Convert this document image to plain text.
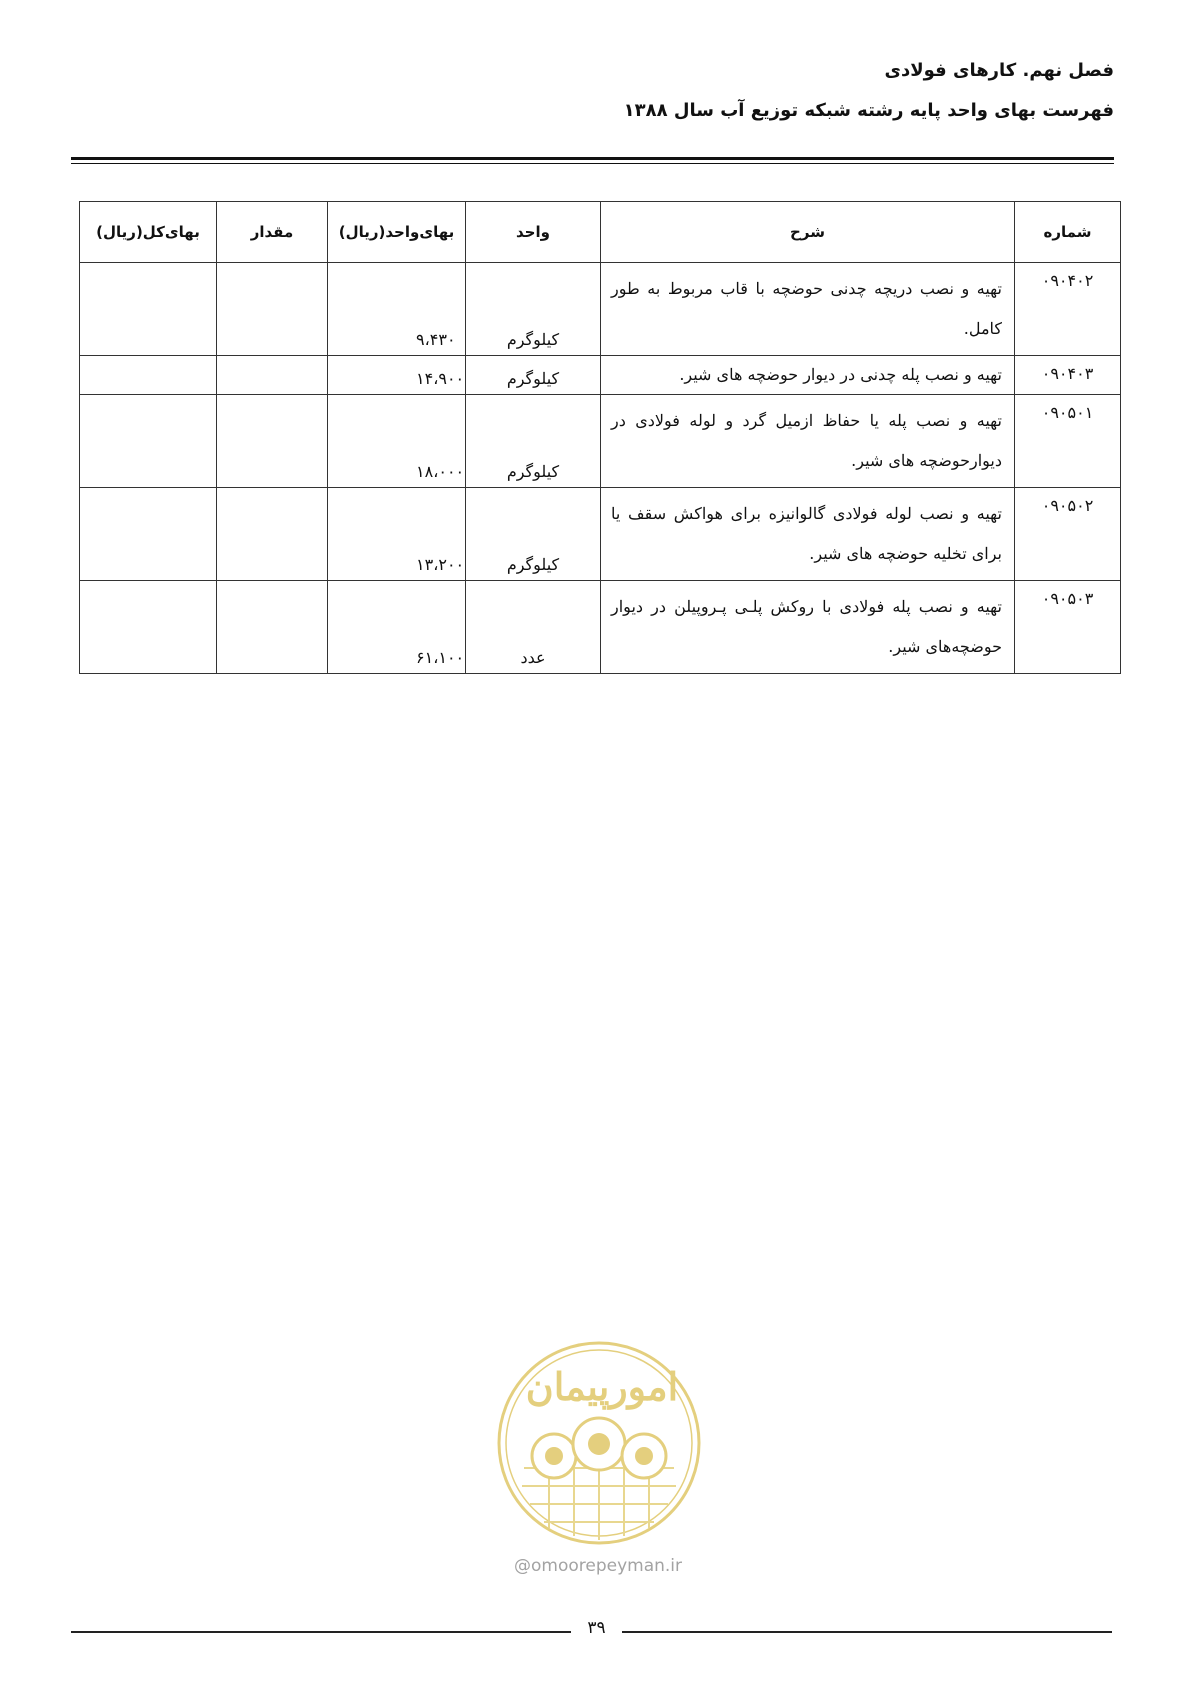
فصل نهم. کارهای فولادی
فهرست بهای واحد پایه رشته شبکه توزیع آب سال ۱۳۸۸
شماره	شرح	واحد	بهای‌واحد(ریال)	مقدار	بهای‌کل(ریال)
۰۹۰۴۰۲	تهیه و نصب دریچه چدنی حوضچه با قاب مربوط به طور کامل.	کیلوگرم	۹،۴۳۰		
۰۹۰۴۰۳	تهیه و نصب پله چدنی در دیوار حوضچه های شیر.	کیلوگرم	۱۴،۹۰۰		
۰۹۰۵۰۱	تهیه و نصب پله یا حفاظ ازمیل گرد و لوله فولادی در دیوارحوضچه های شیر.	کیلوگرم	۱۸،۰۰۰		
۰۹۰۵۰۲	تهیه و نصب لوله فولادی گالوانیزه برای هواکش سقف یا برای تخلیه حوضچه های شیر.	کیلوگرم	۱۳،۲۰۰		
۰۹۰۵۰۳	تهیه و نصب پله فولادی با روکش پلـی پـروپیلن در دیوار حوضچه‌های شیر.	عدد	۶۱،۱۰۰		
امورپیمان
@omoorepeyman.ir
۳۹
